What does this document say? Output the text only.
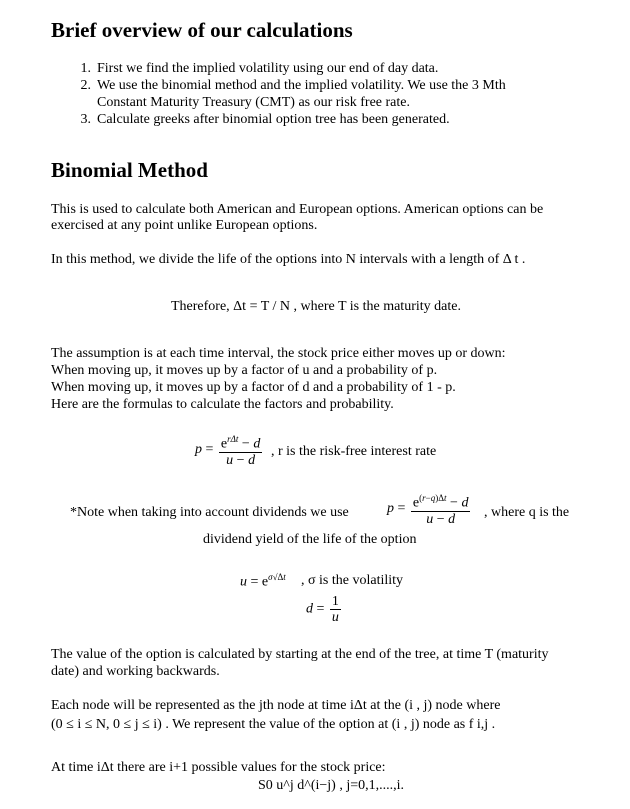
Brief overview of our calculations
1. First we find the implied volatility using our end of day data.
2. We use the binomial method and the implied volatility. We use the 3 Mth
Constant Maturity Treasury (CMT) as our risk free rate.
3. Calculate greeks after binomial option tree has been generated.
Binomial Method
This is used to calculate both American and European options. American options can be
exercised at any point unlike European options.
In this method, we divide the life of the options into N intervals with a length of Δ t .
Therefore, Δt = T / N , where T is the maturity date.
The assumption is at each time interval, the stock price either moves up or down:
When moving up, it moves up by a factor of u and a probability of p.
When moving up, it moves up by a factor of d and a probability of 1 - p.
Here are the formulas to calculate the factors and probability.
$p = \frac{e^{r\Delta t} - d}{u - d}$ , r is the risk-free interest rate
*Note when taking into account dividends we use	$p = \frac{e^{(r-q)\Delta t} - d}{u - d}$ , where q is the
dividend yield of the life of the option
$u = e^{\sigma√\Delta t}$ , σ is the volatility
$d = \frac{1}{u}$
The value of the option is calculated by starting at the end of the tree, at time T (maturity
date) and working backwards.
Each node will be represented as the jth node at time iΔt at the (i , j) node where
(0 ≤ i ≤ N, 0 ≤ j ≤ i) . We represent the value of the option at (i , j) node as f i,j .
At time iΔt there are i+1 possible values for the stock price:
S0 u^j d^(i−j) , j=0,1,....,i.
